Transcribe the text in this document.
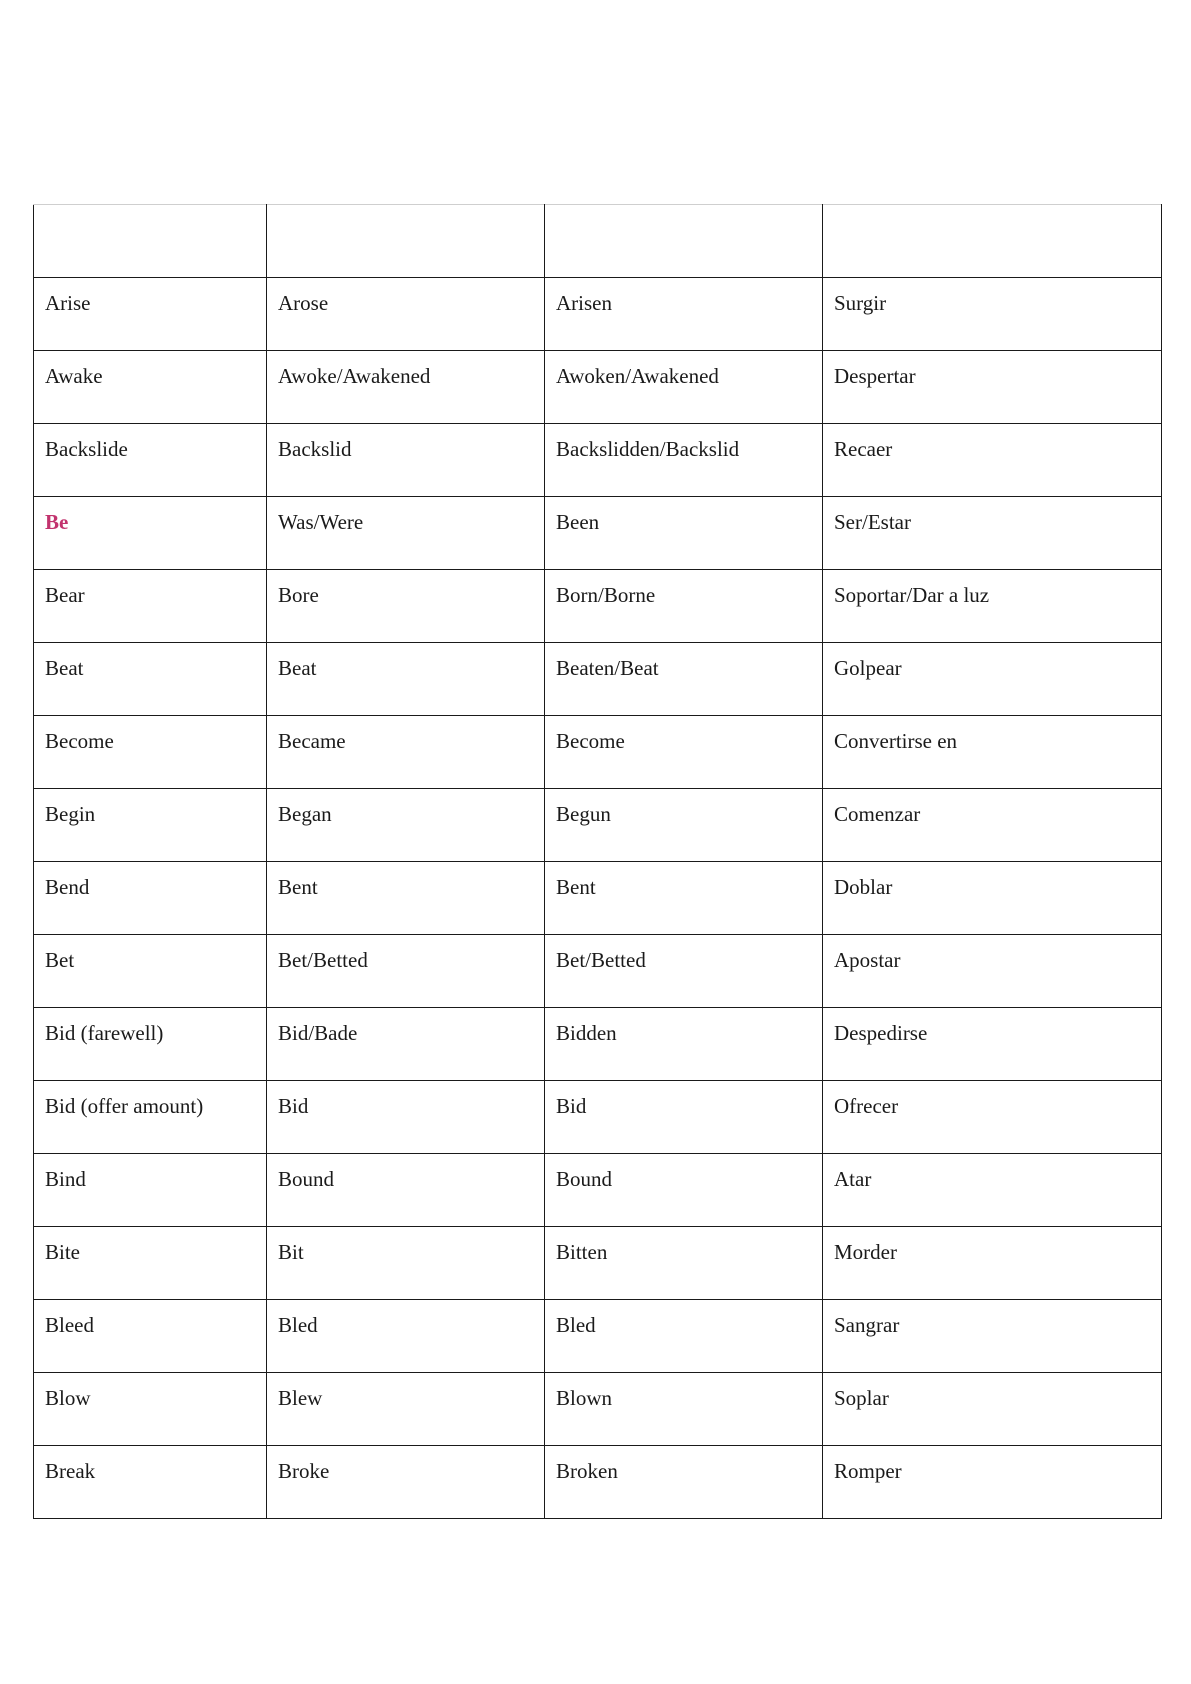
Arise	Arose	Arisen	Surgir

Awake	Awoke/Awakened	Awoken/Awakened	Despertar

Backslide	Backslid	Backslidden/Backslid	Recaer

Be	Was/Were	Been	Ser/Estar

Bear	Bore	Born/Borne	Soportar/Dar a luz

Beat	Beat	Beaten/Beat	Golpear

Become	Became	Become	Convertirse en

Begin	Began	Begun	Comenzar

Bend	Bent	Bent	Doblar

Bet	Bet/Betted	Bet/Betted	Apostar

Bid (farewell)	Bid/Bade	Bidden	Despedirse

Bid (offer amount)	Bid	Bid	Ofrecer

Bind	Bound	Bound	Atar

Bite	Bit	Bitten	Morder

Bleed	Bled	Bled	Sangrar

Blow	Blew	Blown	Soplar

Break	Broke	Broken	Romper
